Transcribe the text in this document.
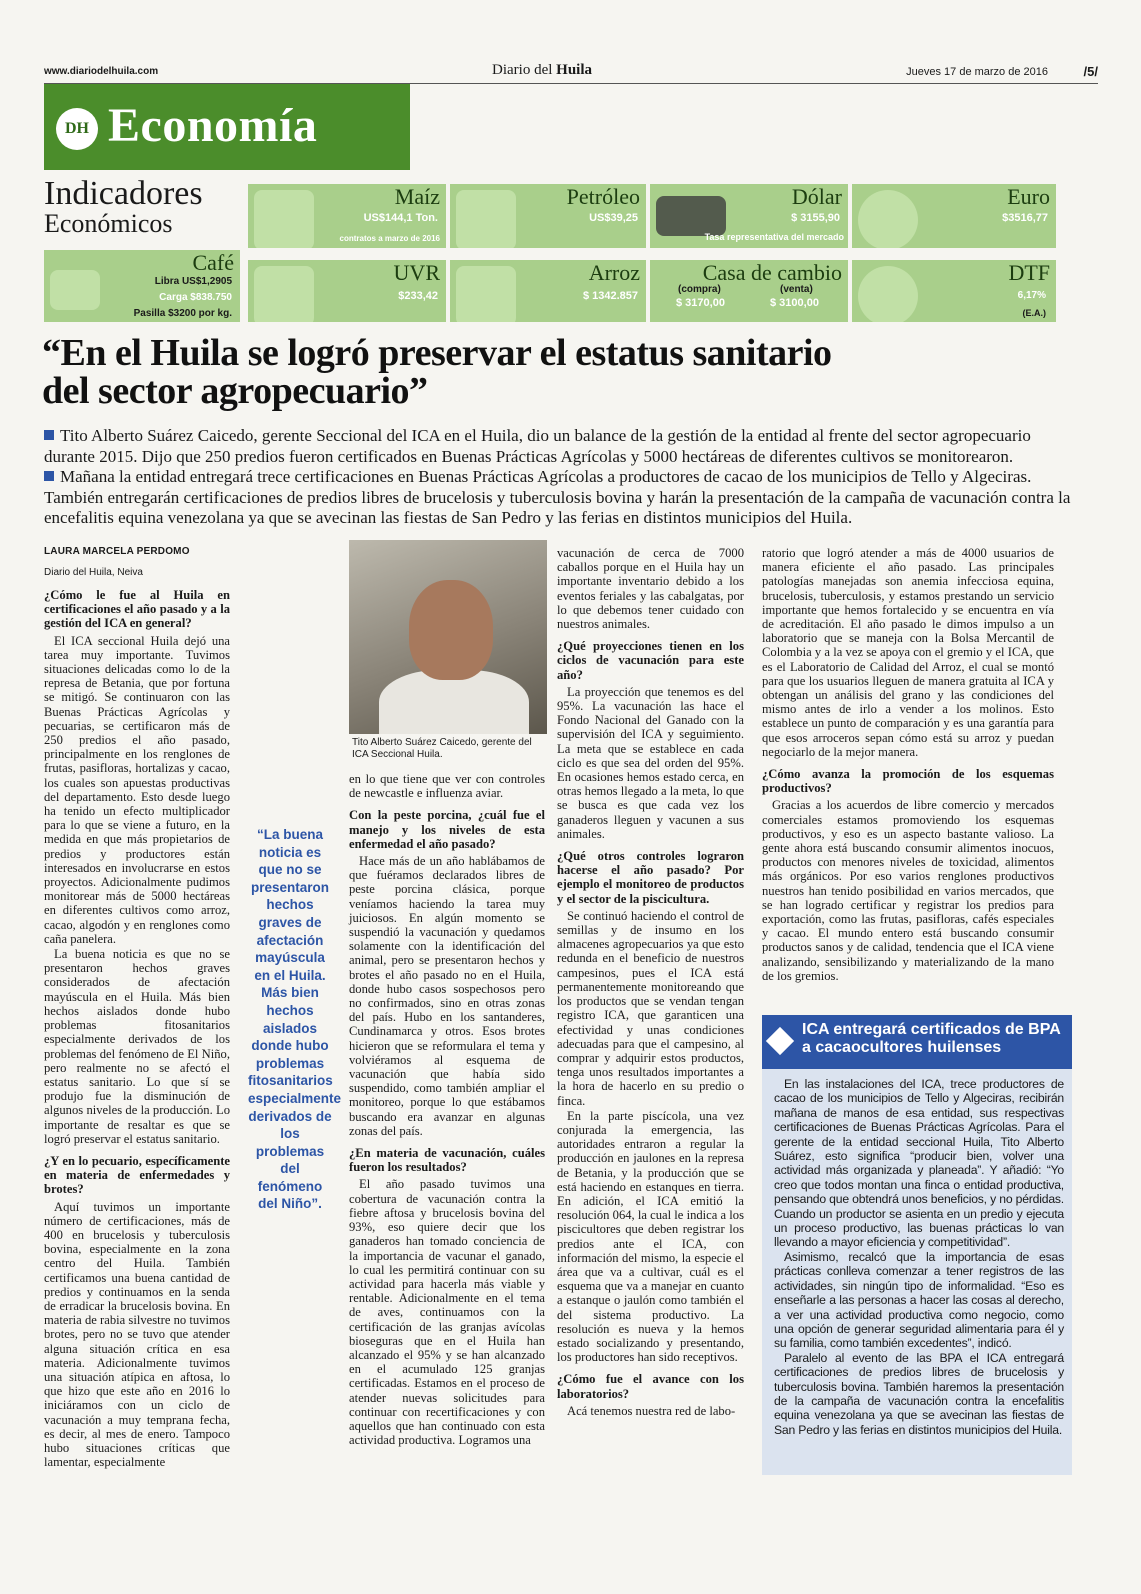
www.diariodelhuila.com	Diario del Huila	Jueves 17 de marzo de 2016	/5/
DH Economía
Indicadores
Económicos
Maíz
US$144,1 Ton.
contratos a marzo de 2016
Petróleo
US$39,25
Dólar
$ 3155,90
Tasa representativa del mercado
Euro
$3516,77
Café
Libra US$1,2905
Carga $838.750
Pasilla $3200 por kg.
UVR
$233,42
Arroz
$ 1342.857
Casa de cambio
(compra)
$ 3170,00
(venta)
$ 3100,00
DTF
6,17%
(E.A.)
“En el Huila se logró preservar el estatus sanitario del sector agropecuario”
Tito Alberto Suárez Caicedo, gerente Seccional del ICA en el Huila, dio un balance de la gestión de la entidad al frente del sector agropecuario durante 2015. Dijo que 250 predios fueron certificados en Buenas Prácticas Agrícolas y 5000 hectáreas de diferentes cultivos se monitorearon.
Mañana la entidad entregará trece certificaciones en Buenas Prácticas Agrícolas a productores de cacao de los municipios de Tello y Algeciras. También entregarán certificaciones de predios libres de brucelosis y tuberculosis bovina y harán la presentación de la campaña de vacunación contra la encefalitis equina venezolana ya que se avecinan las fiestas de San Pedro y las ferias en distintos municipios del Huila.
LAURA MARCELA PERDOMO
Diario del Huila, Neiva

¿Cómo le fue al Huila en certificaciones el año pasado y a la gestión del ICA en general?

El ICA seccional Huila dejó una tarea muy importante. Tuvimos situaciones delicadas como lo de la represa de Betania, que por fortuna se mitigó. Se continuaron con las Buenas Prácticas Agrícolas y pecuarias, se certificaron más de 250 predios el año pasado, principalmente en los renglones de frutas, pasifloras, hortalizas y cacao, los cuales son apuestas productivas del departamento. Esto desde luego ha tenido un efecto multiplicador para lo que se viene a futuro, en la medida en que más propietarios de predios y productores están interesados en involucrarse en estos proyectos. Adicionalmente pudimos monitorear más de 5000 hectáreas en diferentes cultivos como arroz, cacao, algodón y en renglones como caña panelera.

La buena noticia es que no se presentaron hechos graves considerados de afectación mayúscula en el Huila. Más bien hechos aislados donde hubo problemas fitosanitarios especialmente derivados de los problemas del fenómeno de El Niño, pero realmente no se afectó el estatus sanitario. Lo que sí se produjo fue la disminución de algunos niveles de la producción. Lo importante de resaltar es que se logró preservar el estatus sanitario.

¿Y en lo pecuario, específicamente en materia de enfermedades y brotes?

Aquí tuvimos un importante número de certificaciones, más de 400 en brucelosis y tuberculosis bovina, especialmente en la zona centro del Huila. También certificamos una buena cantidad de predios y continuamos en la senda de erradicar la brucelosis bovina. En materia de rabia silvestre no tuvimos brotes, pero no se tuvo que atender alguna situación crítica en esa materia. Adicionalmente tuvimos una situación atípica en aftosa, lo que hizo que este año en 2016 lo iniciáramos con un ciclo de vacunación a muy temprana fecha, es decir, al mes de enero. Tampoco hubo situaciones críticas que lamentar, especialmente

“La buena noticia es que no se presentaron hechos graves de afectación mayúscula en el Huila. Más bien hechos aislados donde hubo problemas fitosanitarios especialmente derivados de los problemas del fenómeno del Niño”.
Tito Alberto Suárez Caicedo, gerente del ICA Seccional Huila.

en lo que tiene que ver con controles de newcastle e influenza aviar.

Con la peste porcina, ¿cuál fue el manejo y los niveles de esta enfermedad el año pasado?

Hace más de un año hablábamos de que fuéramos declarados libres de peste porcina clásica, porque veníamos haciendo la tarea muy juiciosos. En algún momento se suspendió la vacunación y quedamos solamente con la identificación del animal, pero se presentaron hechos y brotes el año pasado no en el Huila, donde hubo casos sospechosos pero no confirmados, sino en otras zonas del país. Hubo en los santanderes, Cundinamarca y otros. Esos brotes hicieron que se reformulara el tema y volviéramos al esquema de vacunación que había sido suspendido, como también ampliar el monitoreo, porque lo que estábamos buscando era avanzar en algunas zonas del país.

¿En materia de vacunación, cuáles fueron los resultados?

El año pasado tuvimos una cobertura de vacunación contra la fiebre aftosa y brucelosis bovina del 93%, eso quiere decir que los ganaderos han tomado conciencia de la importancia de vacunar el ganado, lo cual les permitirá continuar con su actividad para hacerla más viable y rentable. Adicionalmente en el tema de aves, continuamos con la certificación de las granjas avícolas bioseguras que en el Huila han alcanzado el 95% y se han alcanzado en el acumulado 125 granjas certificadas. Estamos en el proceso de atender nuevas solicitudes para continuar con recertificaciones y con aquellos que han continuado con esta actividad productiva. Logramos una

vacunación de cerca de 7000 caballos porque en el Huila hay un importante inventario debido a los eventos feriales y las cabalgatas, por lo que debemos tener cuidado con nuestros animales.

¿Qué proyecciones tienen en los ciclos de vacunación para este año?

La proyección que tenemos es del 95%. La vacunación las hace el Fondo Nacional del Ganado con la supervisión del ICA y seguimiento. La meta que se establece en cada ciclo es que sea del orden del 95%. En ocasiones hemos estado cerca, en otras hemos llegado a la meta, lo que se busca es que cada vez los ganaderos lleguen y vacunen a sus animales.

¿Qué otros controles lograron hacerse el año pasado? Por ejemplo el monitoreo de productos y el sector de la piscicultura.

Se continuó haciendo el control de semillas y de insumo en los almacenes agropecuarios ya que esto redunda en el beneficio de nuestros campesinos, pues el ICA está permanentemente monitoreando que los productos que se vendan tengan registro ICA, que garanticen una efectividad y unas condiciones adecuadas para que el campesino, al comprar y adquirir estos productos, tenga unos resultados importantes a la hora de hacerlo en su predio o finca.

En la parte piscícola, una vez conjurada la emergencia, las autoridades entraron a regular la producción en jaulones en la represa de Betania, y la producción que se está haciendo en estanques en tierra. En adición, el ICA emitió la resolución 064, la cual le indica a los piscicultores que deben registrar los predios ante el ICA, con información del mismo, la especie el área que va a cultivar, cuál es el esquema que va a manejar en cuanto a estanque o jaulón como también el del sistema productivo. La resolución es nueva y la hemos estado socializando y presentando, los productores han sido receptivos.

¿Cómo fue el avance con los laboratorios?

Acá tenemos nuestra red de labo-

ratorio que logró atender a más de 4000 usuarios de manera eficiente el año pasado. Las principales patologías manejadas son anemia infecciosa equina, brucelosis, tuberculosis, y estamos prestando un servicio importante que hemos fortalecido y se encuentra en vía de acreditación. El año pasado le dimos impulso a un laboratorio que se maneja con la Bolsa Mercantil de Colombia y a la vez se apoya con el gremio y el ICA, que es el Laboratorio de Calidad del Arroz, el cual se montó para que los usuarios lleguen de manera gratuita al ICA y obtengan un análisis del grano y las condiciones del mismo antes de irlo a vender a los molinos. Esto establece un punto de comparación y es una garantía para que esos arroceros sepan cómo está su arroz y puedan negociarlo de la mejor manera.

¿Cómo avanza la promoción de los esquemas productivos?

Gracias a los acuerdos de libre comercio y mercados comerciales estamos promoviendo los esquemas productivos, y eso es un aspecto bastante valioso. La gente ahora está buscando consumir alimentos inocuos, productos con menores niveles de toxicidad, alimentos más orgánicos. Por eso varios renglones productivos nuestros han tenido posibilidad en varios mercados, que se han logrado certificar y registrar los predios para exportación, como las frutas, pasifloras, cafés especiales y cacao. El mundo entero está buscando consumir productos sanos y de calidad, tendencia que el ICA viene analizando, sensibilizando y materializando de la mano de los gremios.

ICA entregará certificados de BPA a cacaocultores huilenses

En las instalaciones del ICA, trece productores de cacao de los municipios de Tello y Algeciras, recibirán mañana de manos de esa entidad, sus respectivas certificaciones de Buenas Prácticas Agrícolas. Para el gerente de la entidad seccional Huila, Tito Alberto Suárez, esto significa “producir bien, volver una actividad más organizada y planeada”. Y añadió: “Yo creo que todos montan una finca o entidad productiva, pensando que obtendrá unos beneficios, y no pérdidas. Cuando un productor se asienta en un predio y ejecuta un proceso productivo, las buenas prácticas lo van llevando a mayor eficiencia y competitividad”.

Asimismo, recalcó que la importancia de esas prácticas conlleva comenzar a tener registros de las actividades, sin ningún tipo de informalidad. “Eso es enseñarle a las personas a hacer las cosas al derecho, a ver una actividad productiva como negocio, como una opción de generar seguridad alimentaria para él y su familia, como también excedentes”, indicó.

Paralelo al evento de las BPA el ICA entregará certificaciones de predios libres de brucelosis y tuberculosis bovina. También haremos la presentación de la campaña de vacunación contra la encefalitis equina venezolana ya que se avecinan las fiestas de San Pedro y las ferias en distintos municipios del Huila.
